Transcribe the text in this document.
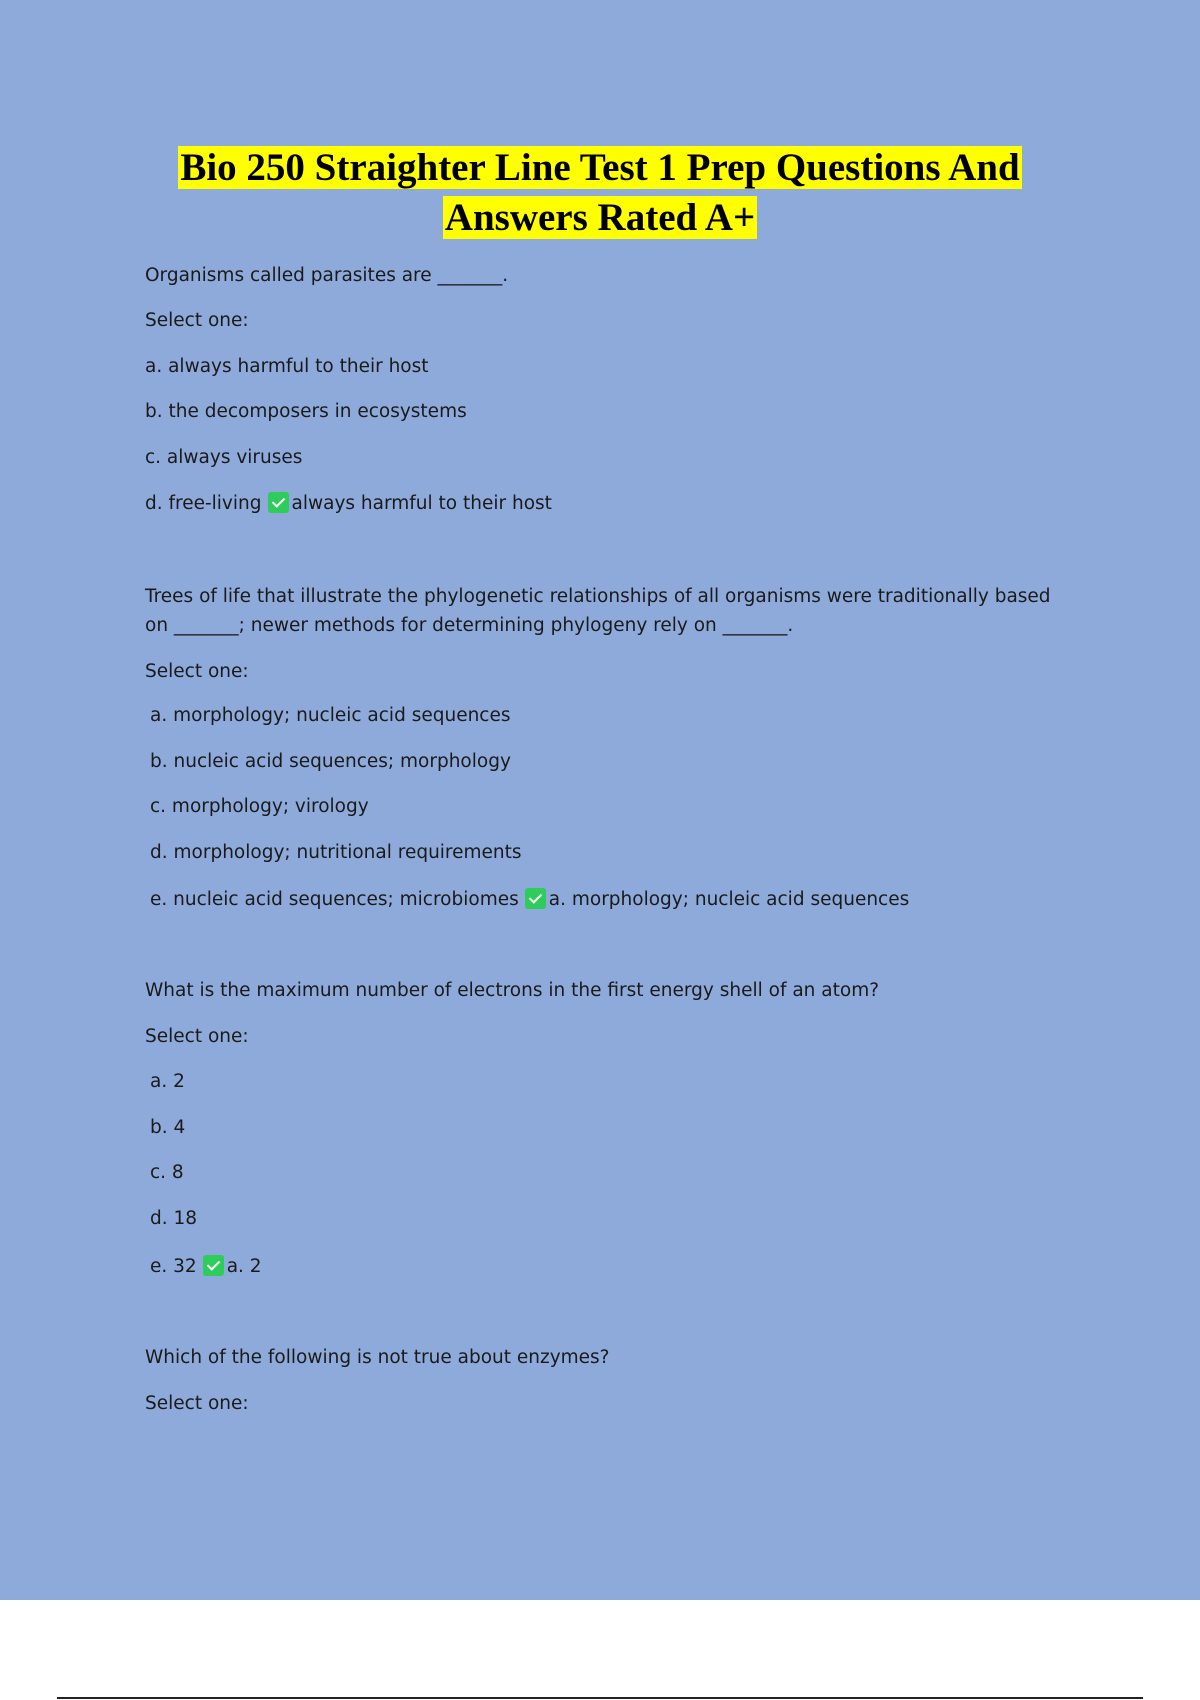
Bio 250 Straighter Line Test 1 Prep Questions And
Answers Rated A+
Organisms called parasites are _______.
Select one:
a. always harmful to their host
b. the decomposers in ecosystems
c. always viruses
d. free-living always harmful to their host
Trees of life that illustrate the phylogenetic relationships of all organisms were traditionally based on _______; newer methods for determining phylogeny rely on _______.
Select one:
a. morphology; nucleic acid sequences
b. nucleic acid sequences; morphology
c. morphology; virology
d. morphology; nutritional requirements
e. nucleic acid sequences; microbiomes a. morphology; nucleic acid sequences
What is the maximum number of electrons in the first energy shell of an atom?
Select one:
a. 2
b. 4
c. 8
d. 18
e. 32 a. 2
Which of the following is not true about enzymes?
Select one:
